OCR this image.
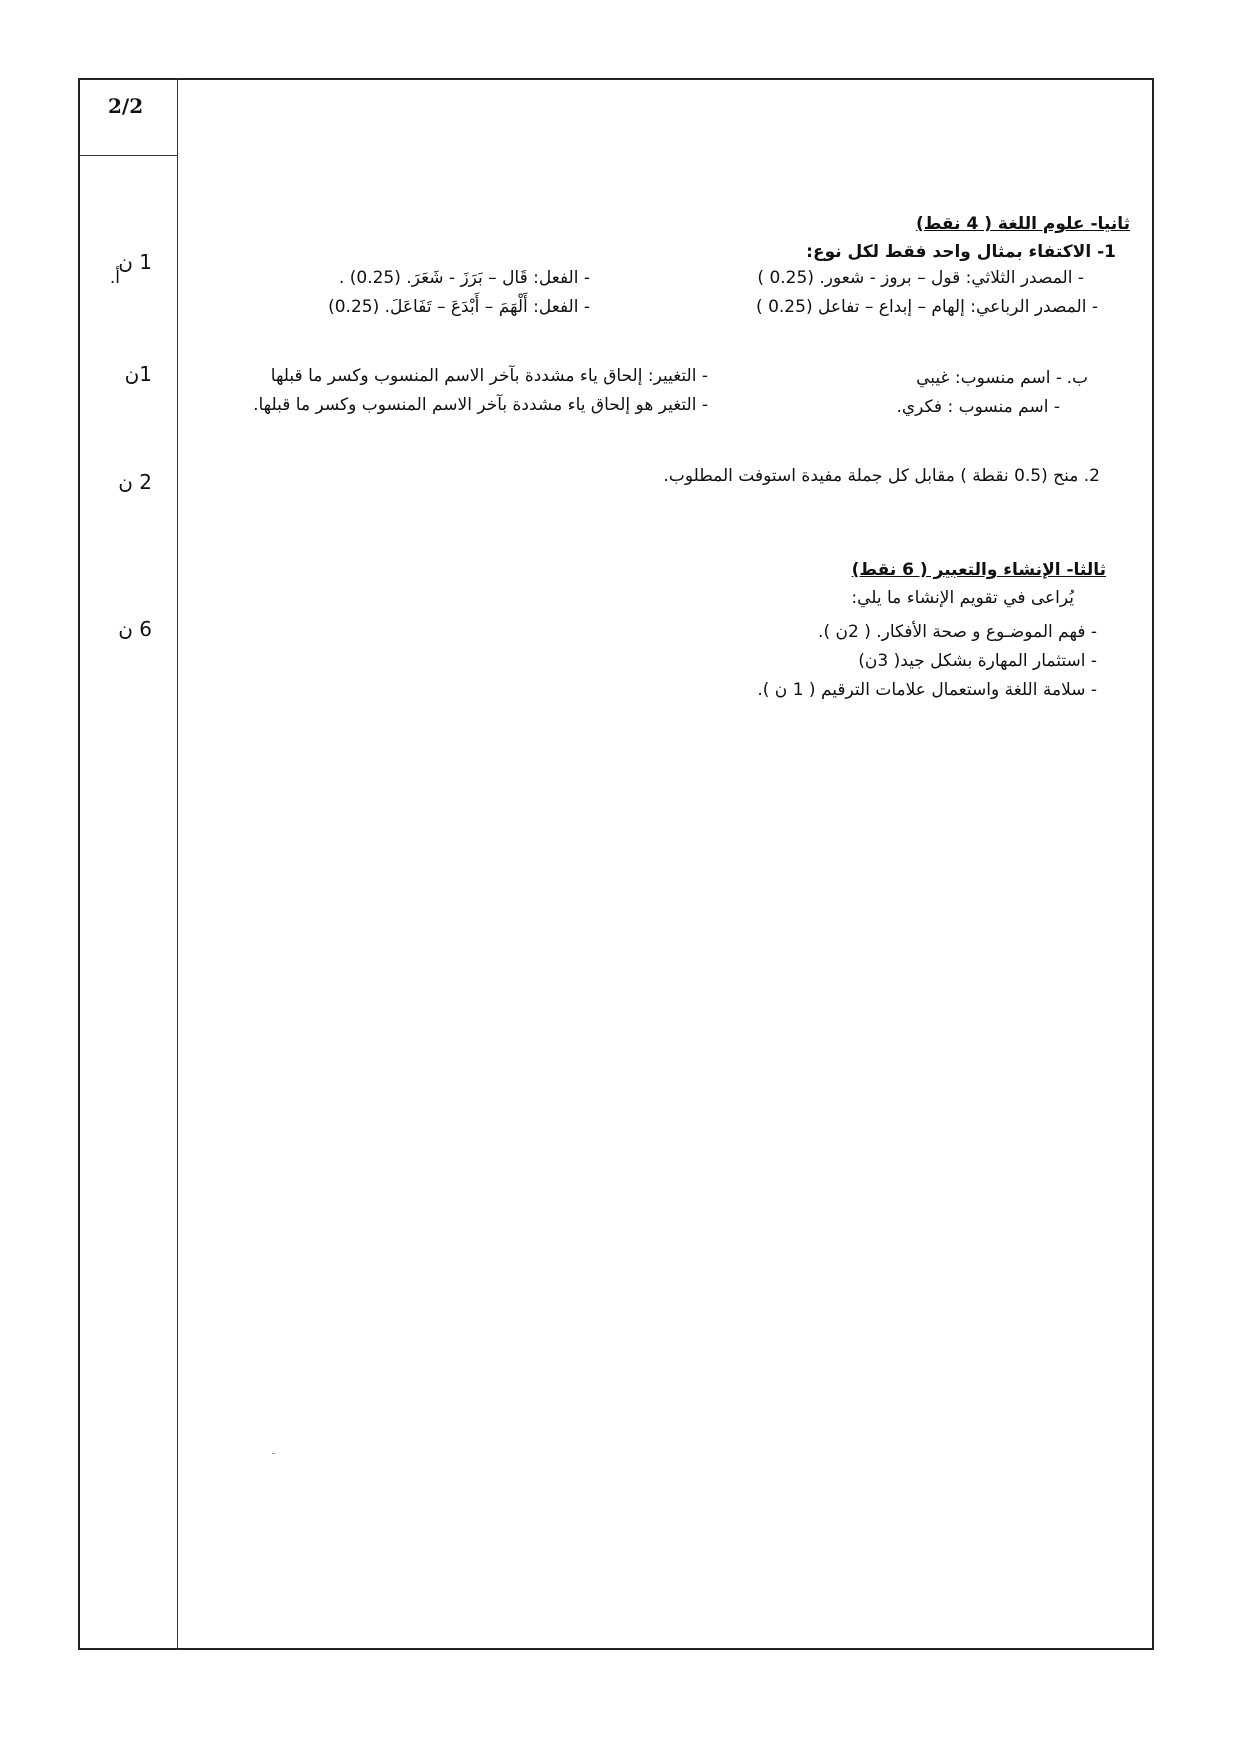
2/2
1 ن
1ن
2 ن
6 ن
ثانيا- علوم اللغة ( 4 نقط)
1- الاكتفاء بمثال واحد فقط لكل نوع:
- المصدر الثلاثي: قول – بروز - شعور. (0.25 )
أ.	- الفعل: قَال – بَرَزَ - شَعَرَ. (0.25) .
- المصدر الرباعي: إلهام – إبداع – تفاعل (0.25 )
- الفعل: أَلْهَمَ – أَبْدَعَ – تَفَاعَلَ. (0.25)
ب.
- اسم منسوب: غيبي
- التغيير: إلحاق ياء مشددة بآخر الاسم المنسوب وكسر ما قبلها
- اسم منسوب : فكري.
- التغير هو إلحاق ياء مشددة بآخر الاسم المنسوب وكسر ما قبلها.
2. منح (0.5 نقطة ) مقابل كل جملة مفيدة استوفت المطلوب.
ثالثا- الإنشاء والتعبير ( 6 نقط)
يُراعى في تقويم الإنشاء ما يلي:
- فهم الموضـوع و صحة الأفكار. ( 2ن ).
- استثمار المهارة بشكل جيد( 3ن)
- سلامة اللغة واستعمال علامات الترقيم ( 1 ن ).
